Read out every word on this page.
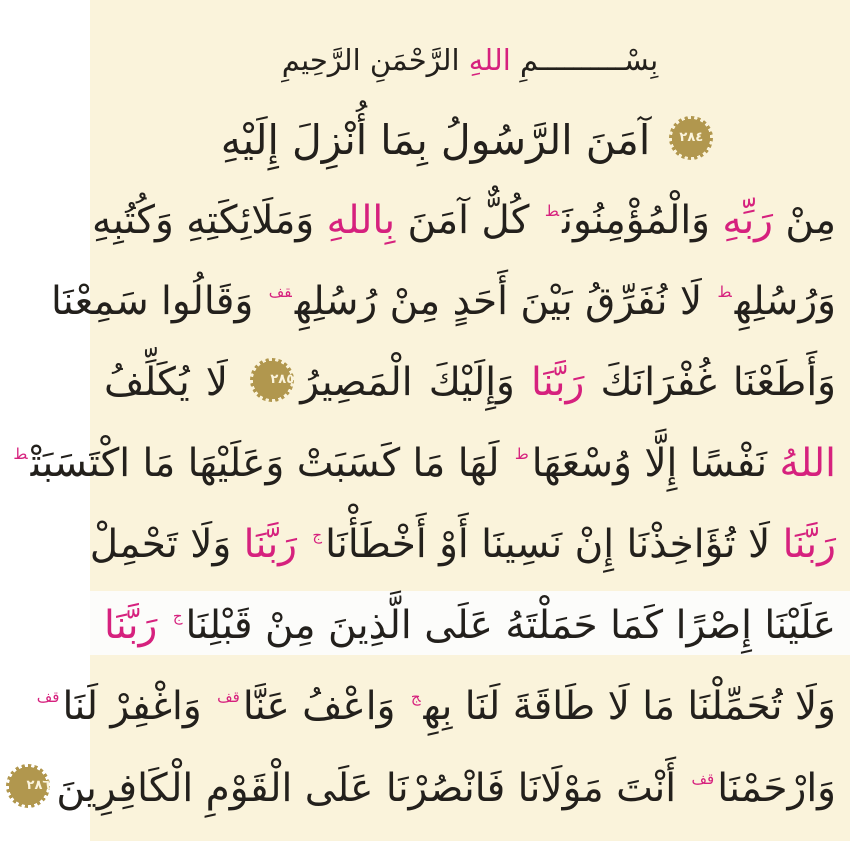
بِسْــــــــــمِ اللهِ الرَّحْمَنِ الرَّحِيمِ
٢٨٤
آمَنَ الرَّسُولُ بِمَا أُنْزِلَ إِلَيْهِ
مِنْ رَبِّهِ وَالْمُؤْمِنُونَ$^ط$ كُلٌّ آمَنَ بِاللهِ وَمَلَائِكَتِهِ وَكُتُبِهِ
وَرُسُلِهِ$^ط$ لَا نُفَرِّقُ بَيْنَ أَحَدٍ مِنْ رُسُلِهِ$^{قف}$ وَقَالُوا سَمِعْنَا
وَأَطَعْنَا غُفْرَانَكَ رَبَّنَا وَإِلَيْكَ الْمَصِيرُ
٢٨٥
لَا يُكَلِّفُ
اللهُ نَفْسًا إِلَّا وُسْعَهَا$^ط$ لَهَا مَا كَسَبَتْ وَعَلَيْهَا مَا اكْتَسَبَتْ$^ط$
رَبَّنَا لَا تُؤَاخِذْنَا إِنْ نَسِينَا أَوْ أَخْطَأْنَا$^ج$ رَبَّنَا وَلَا تَحْمِلْ
عَلَيْنَا إِصْرًا كَمَا حَمَلْتَهُ عَلَى الَّذِينَ مِنْ قَبْلِنَا$^ج$ رَبَّنَا
وَلَا تُحَمِّلْنَا مَا لَا طَاقَةَ لَنَا بِهِ$^ج$ وَاعْفُ عَنَّا$^{قف}$ وَاغْفِرْ لَنَا$^{قف}$
وَارْحَمْنَا$^{قف}$ أَنْتَ مَوْلَانَا فَانْصُرْنَا عَلَى الْقَوْمِ الْكَافِرِينَ
٢٨٦
